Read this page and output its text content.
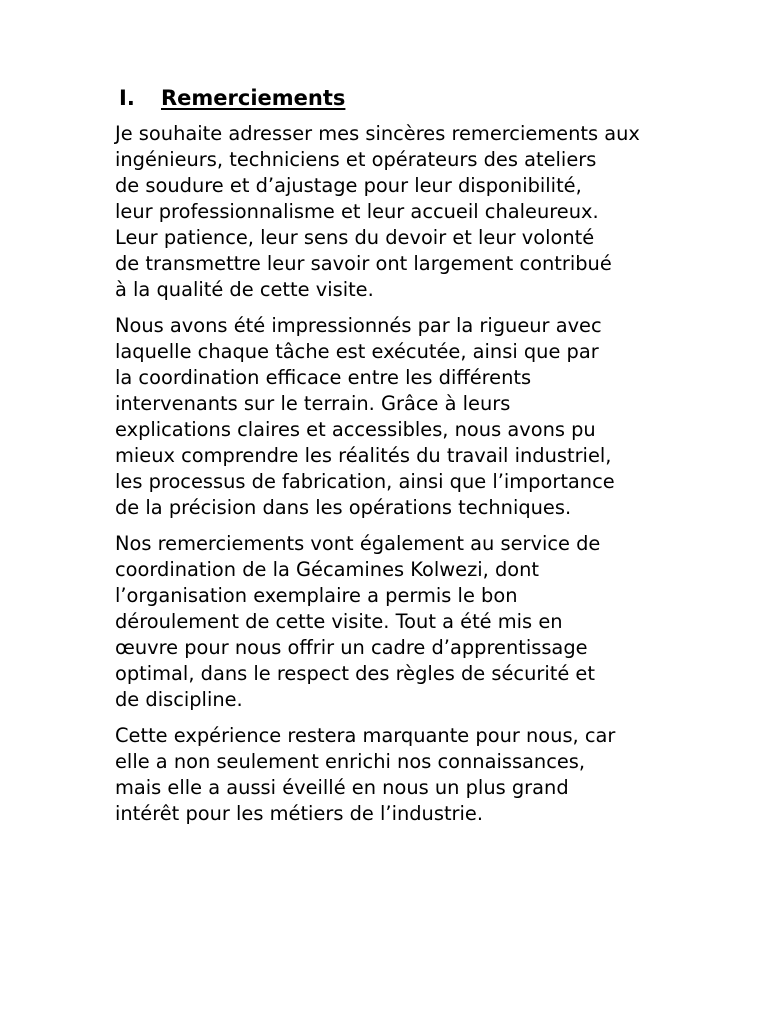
I. Remerciements

Je souhaite adresser mes sincères remerciements aux
ingénieurs, techniciens et opérateurs des ateliers
de soudure et d’ajustage pour leur disponibilité,
leur professionnalisme et leur accueil chaleureux.
Leur patience, leur sens du devoir et leur volonté
de transmettre leur savoir ont largement contribué
à la qualité de cette visite.

Nous avons été impressionnés par la rigueur avec
laquelle chaque tâche est exécutée, ainsi que par
la coordination efficace entre les différents
intervenants sur le terrain. Grâce à leurs
explications claires et accessibles, nous avons pu
mieux comprendre les réalités du travail industriel,
les processus de fabrication, ainsi que l’importance
de la précision dans les opérations techniques.

Nos remerciements vont également au service de
coordination de la Gécamines Kolwezi, dont
l’organisation exemplaire a permis le bon
déroulement de cette visite. Tout a été mis en
œuvre pour nous offrir un cadre d’apprentissage
optimal, dans le respect des règles de sécurité et
de discipline.

Cette expérience restera marquante pour nous, car
elle a non seulement enrichi nos connaissances,
mais elle a aussi éveillé en nous un plus grand
intérêt pour les métiers de l’industrie.
